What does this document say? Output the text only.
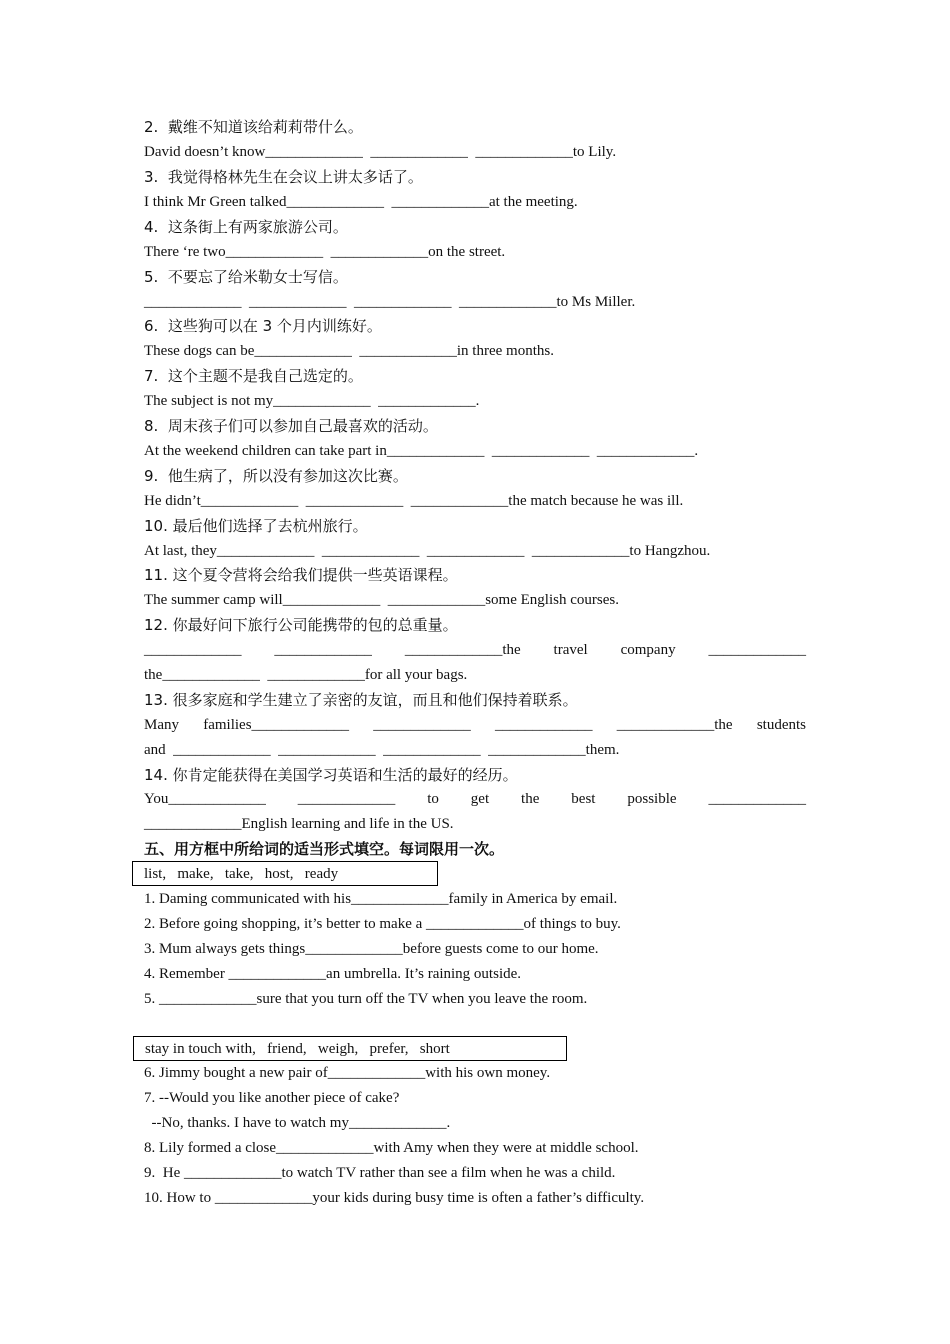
2.  戴维不知道该给莉莉带什么。
David doesn’t know_____________  _____________  _____________to Lily.
3.  我觉得格林先生在会议上讲太多话了。
I think Mr Green talked_____________  _____________at the meeting.
4.  这条街上有两家旅游公司。
There ‘re two_____________  _____________on the street.
5.  不要忘了给米勒女士写信。
_____________  _____________  _____________  _____________to Ms Miller.
6.  这些狗可以在 3 个月内训练好。
These dogs can be_____________  _____________in three months.
7.  这个主题不是我自己选定的。
The subject is not my_____________  _____________.
8.  周末孩子们可以参加自己最喜欢的活动。
At the weekend children can take part in_____________  _____________  _____________.
9.  他生病了，所以没有参加这次比赛。
He didn’t_____________  _____________  _____________the match because he was ill.
10. 最后他们选择了去杭州旅行。
At last, they_____________  _____________  _____________  _____________to Hangzhou.
11. 这个夏令营将会给我们提供一些英语课程。
The summer camp will_____________  _____________some English courses.
12. 你最好问下旅行公司能携带的包的总重量。
_____________ _____________ _____________the travel company _____________
the_____________  _____________for all your bags.
13. 很多家庭和学生建立了亲密的友谊，而且和他们保持着联系。
Many families_____________ _____________ _____________ _____________the students
and  _____________  _____________  _____________  _____________them.
14. 你肯定能获得在美国学习英语和生活的最好的经历。
You_____________ _____________ to get the best possible _____________
_____________English learning and life in the US.
五、用方框中所给词的适当形式填空。每词限用一次。
list,   make,   take,   host,   ready
1. Daming communicated with his_____________family in America by email.
2. Before going shopping, it’s better to make a _____________of things to buy.
3. Mum always gets things_____________before guests come to our home.
4. Remember _____________an umbrella. It’s raining outside.
5. _____________sure that you turn off the TV when you leave the room.
stay in touch with,   friend,   weigh,   prefer,   short
6. Jimmy bought a new pair of_____________with his own money.
7. --Would you like another piece of cake?
--No, thanks. I have to watch my_____________.
8. Lily formed a close_____________with Amy when they were at middle school.
9.  He _____________to watch TV rather than see a film when he was a child.
10. How to _____________your kids during busy time is often a father’s difficulty.
